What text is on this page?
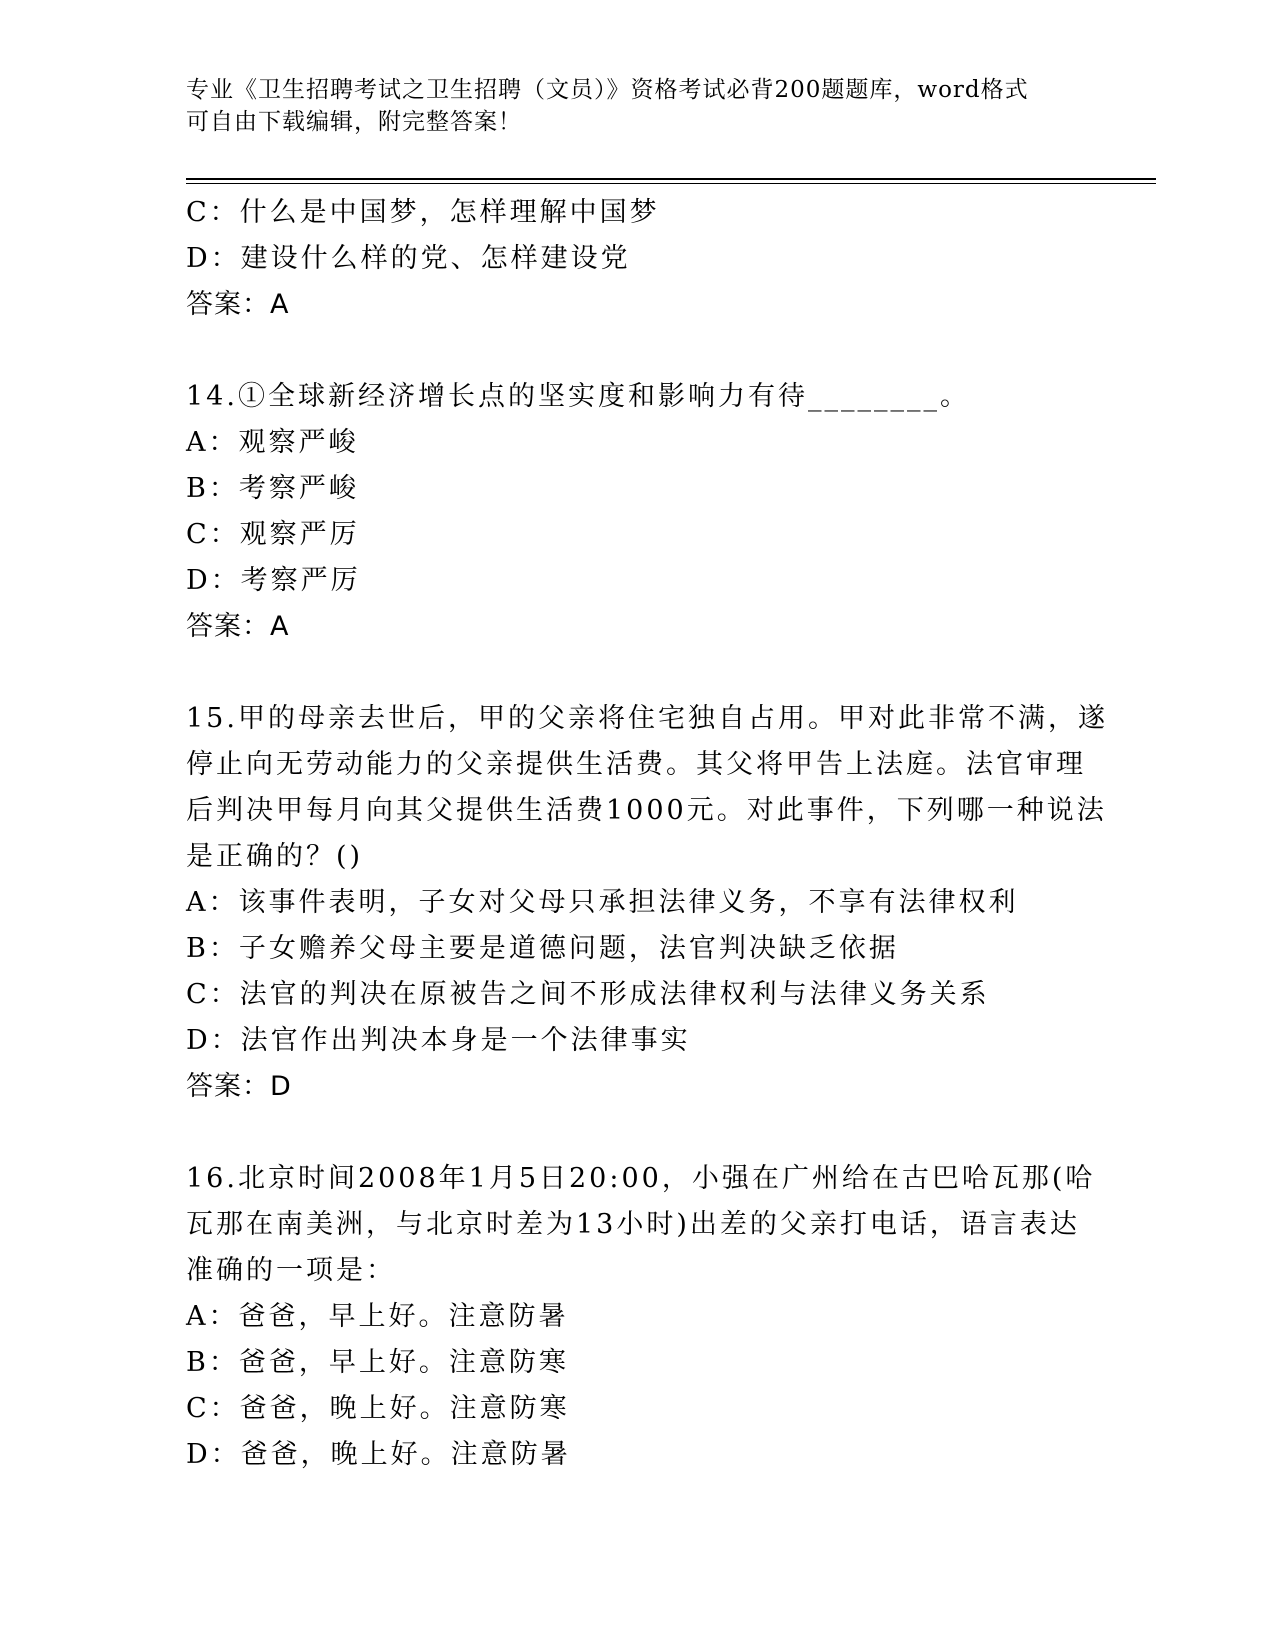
专业《卫生招聘考试之卫生招聘（文员）》资格考试必背200题题库，word格式
可自由下载编辑，附完整答案！
C：什么是中国梦，怎样理解中国梦
D：建设什么样的党、怎样建设党
答案：A
14.①全球新经济增长点的坚实度和影响力有待________。
A：观察严峻
B：考察严峻
C：观察严厉
D：考察严厉
答案：A
15.甲的母亲去世后，甲的父亲将住宅独自占用。甲对此非常不满，遂
停止向无劳动能力的父亲提供生活费。其父将甲告上法庭。法官审理
后判决甲每月向其父提供生活费1000元。对此事件，下列哪一种说法
是正确的？()
A：该事件表明，子女对父母只承担法律义务，不享有法律权利
B：子女赡养父母主要是道德问题，法官判决缺乏依据
C：法官的判决在原被告之间不形成法律权利与法律义务关系
D：法官作出判决本身是一个法律事实
答案：D
16.北京时间2008年1月5日20:00，小强在广州给在古巴哈瓦那(哈
瓦那在南美洲，与北京时差为13小时)出差的父亲打电话，语言表达
准确的一项是：
A：爸爸，早上好。注意防暑
B：爸爸，早上好。注意防寒
C：爸爸，晚上好。注意防寒
D：爸爸，晚上好。注意防暑
